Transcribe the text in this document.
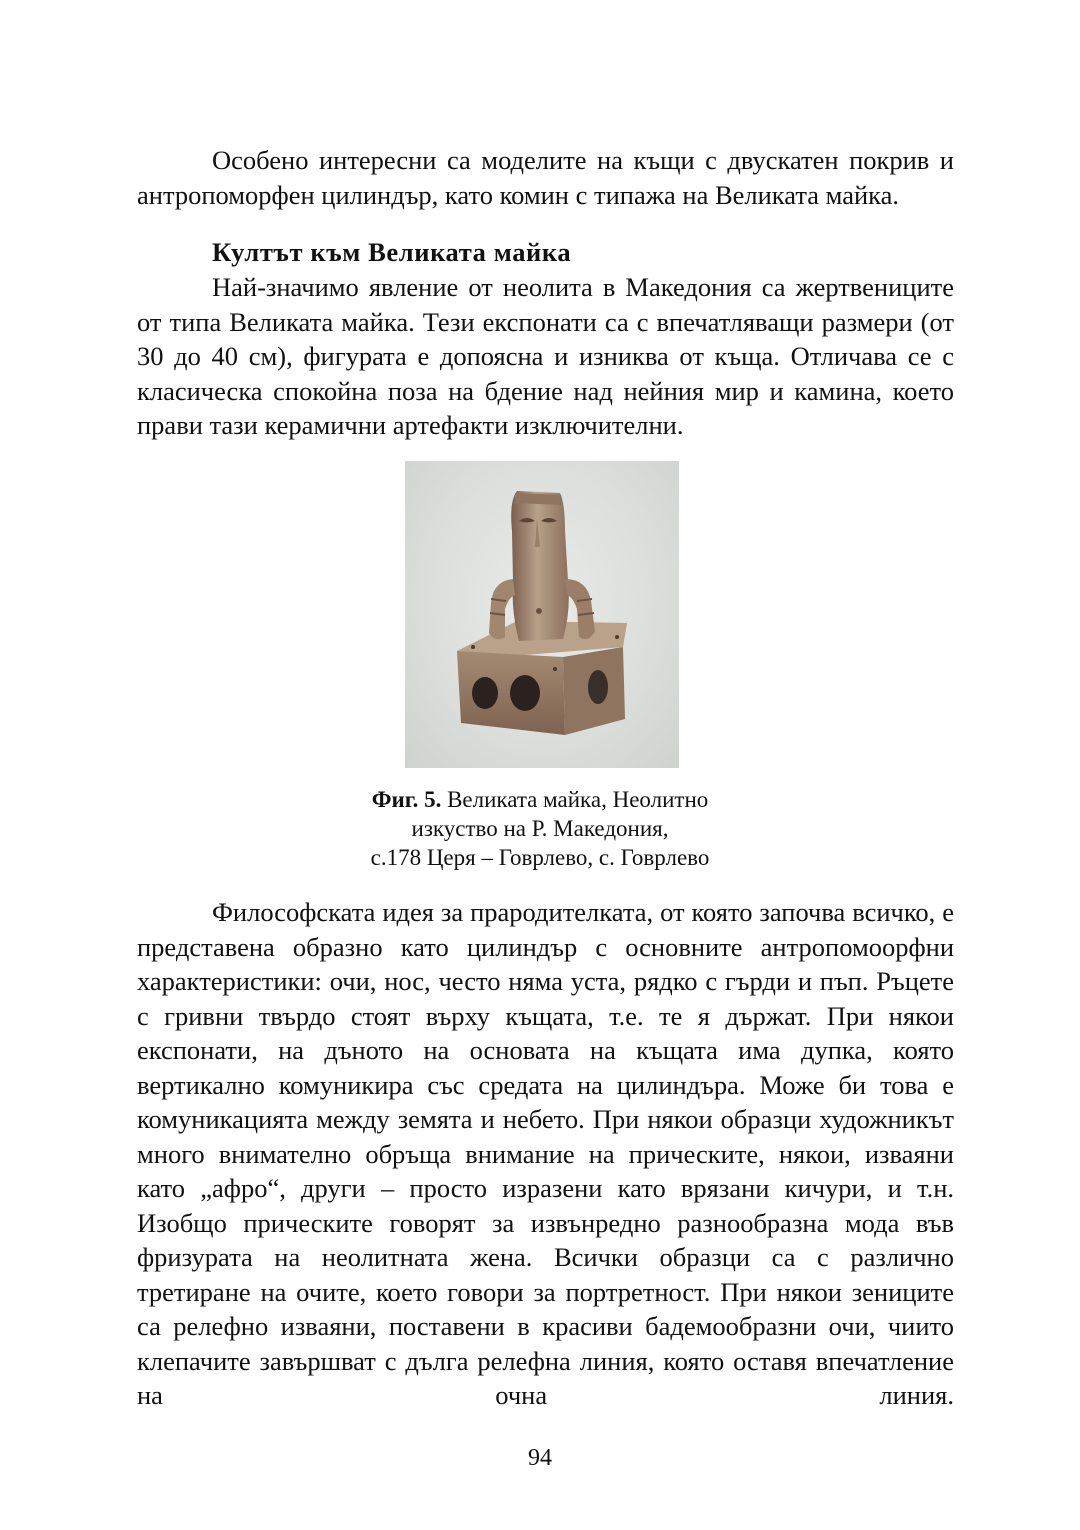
Особено интересни са моделите на къщи с двускатен покрив и антропоморфен цилиндър, като комин с типажа на Великата майка.

Култът към Великата майка

Най-значимо явление от неолита в Македония са жертвениците от типа Великата майка. Тези експонати са с впечатляващи размери (от 30 до 40 см), фигурата е допоясна и изниква от къща. Отличава се с класическа спокойна поза на бдение над нейния мир и камина, което прави тази керамични артефакти изключителни.

Фиг. 5. Великата майка, Неолитно
изкуство на Р. Македония,
с.178 Церя – Говрлево, с. Говрлево

Философската идея за прародителката, от която започва всичко, е представена образно като цилиндър с основните антропомоорфни характеристики: очи, нос, често няма уста, рядко с гърди и пъп. Ръцете с гривни твърдо стоят върху къщата, т.е. те я държат. При някои експонати, на дъното на основата на къщата има дупка, която вертикално комуникира със средата на цилиндъра. Може би това е комуникацията между земята и небето. При някои образци художникът много внимателно обръща внимание на прическите, някои, изваяни като „афро“, други – просто изразени като врязани кичури, и т.н. Изобщо прическите говорят за извънредно разнообразна мода във фризурата на неолитната жена. Всички образци са с различно третиране на очите, което говори за портретност. При някои зениците са релефно изваяни, поставени в красиви бадемообразни очи, чиито клепачите завършват с дълга релефна линия, която оставя впечатление на очна линия.

94
